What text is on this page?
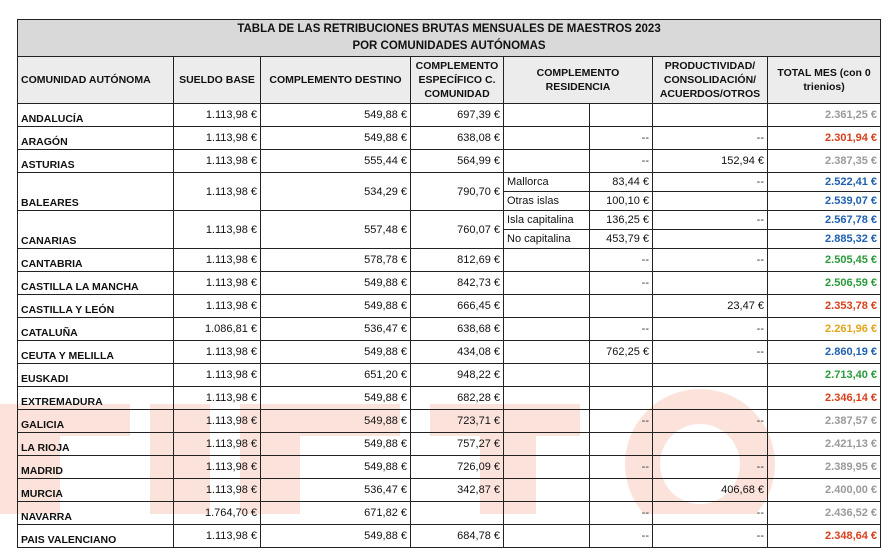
TABLA DE LAS RETRIBUCIONES BRUTAS MENSUALES DE MAESTROS 2023
POR COMUNIDADES AUTÓNOMAS							

COMUNIDAD AUTÓNOMA	SUELDO BASE	COMPLEMENTO DESTINO	COMPLEMENTO ESPECÍFICO C. COMUNIDAD	COMPLEMENTO RESIDENCIA		PRODUCTIVIDAD/ CONSOLIDACIÓN/ ACUERDOS/OTROS	TOTAL MES (con 0 trienios)
ANDALUCÍA	1.113,98 €	549,88 €	697,39 €				2.361,25 €
ARAGÓN	1.113,98 €	549,88 €	638,08 €		--	--	2.301,94 €
ASTURIAS	1.113,98 €	555,44 €	564,99 €		--	152,94 €	2.387,35 €
BALEARES	1.113,98 €	534,29 €	790,70 €	Mallorca	83,44 €	--	2.522,41 €
				Otras islas	100,10 €		2.539,07 €
CANARIAS	1.113,98 €	557,48 €	760,07 €	Isla capitalina	136,25 €	--	2.567,78 €
				No capitalina	453,79 €		2.885,32 €
CANTABRIA	1.113,98 €	578,78 €	812,69 €		--	--	2.505,45 €
CASTILLA LA MANCHA	1.113,98 €	549,88 €	842,73 €		--		2.506,59 €
CASTILLA Y LEÓN	1.113,98 €	549,88 €	666,45 €			23,47 €	2.353,78 €
CATALUÑA	1.086,81 €	536,47 €	638,68 €		--	--	2.261,96 €
CEUTA Y MELILLA	1.113,98 €	549,88 €	434,08 €		762,25 €	--	2.860,19 €
EUSKADI	1.113,98 €	651,20 €	948,22 €				2.713,40 €
EXTREMADURA	1.113,98 €	549,88 €	682,28 €				2.346,14 €
GALICIA	1.113,98 €	549,88 €	723,71 €		--	--	2.387,57 €
LA RIOJA	1.113,98 €	549,88 €	757,27 €				2.421,13 €
MADRID	1.113,98 €	549,88 €	726,09 €		--	--	2.389,95 €
MURCIA	1.113,98 €	536,47 €	342,87 €			406,68 €	2.400,00 €
NAVARRA	1.764,70 €	671,82 €			--	--	2.436,52 €
PAIS VALENCIANO	1.113,98 €	549,88 €	684,78 €		--	--	2.348,64 €
